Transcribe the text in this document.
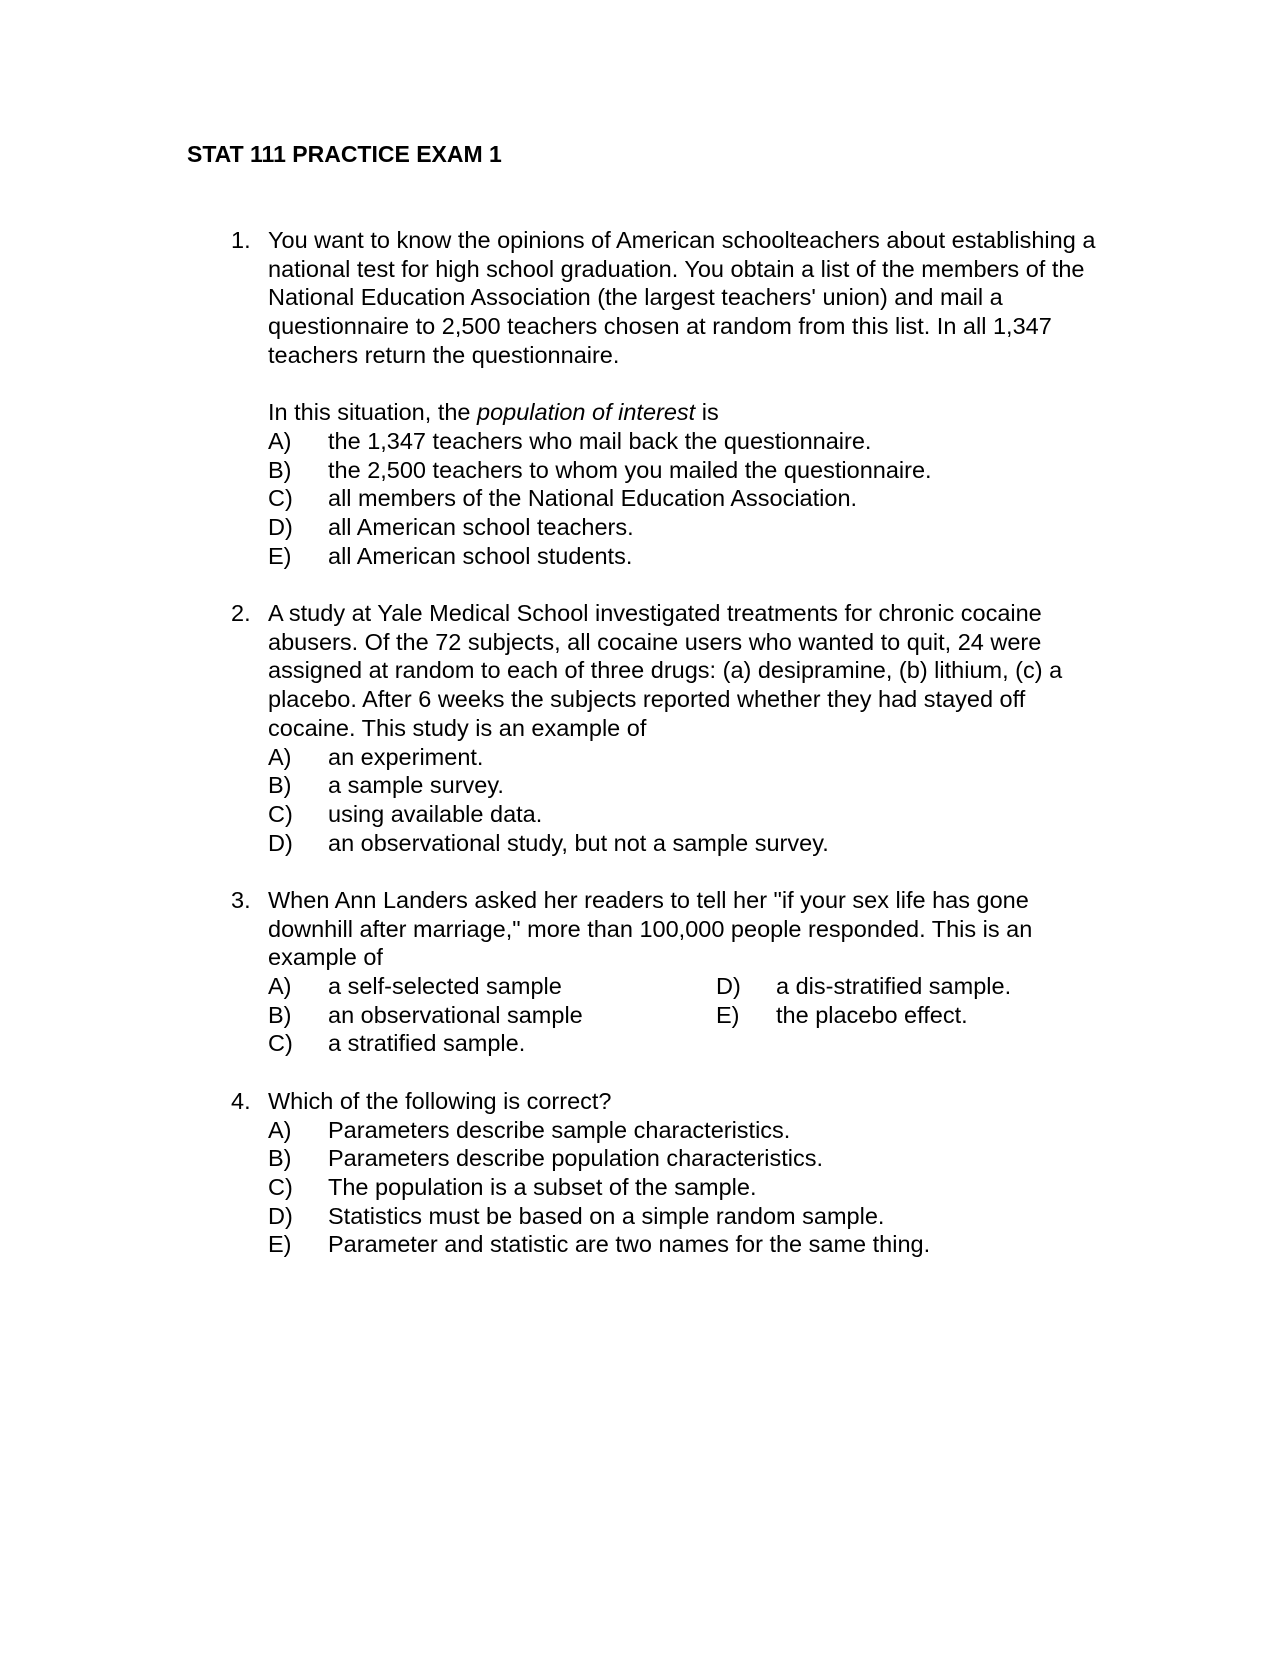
STAT 111 PRACTICE EXAM 1
1. You want to know the opinions of American schoolteachers about establishing a
national test for high school graduation. You obtain a list of the members of the
National Education Association (the largest teachers' union) and mail a
questionnaire to 2,500 teachers chosen at random from this list. In all 1,347
teachers return the questionnaire.
In this situation, the population of interest is
A) the 1,347 teachers who mail back the questionnaire.
B) the 2,500 teachers to whom you mailed the questionnaire.
C) all members of the National Education Association.
D) all American school teachers.
E) all American school students.
2. A study at Yale Medical School investigated treatments for chronic cocaine
abusers. Of the 72 subjects, all cocaine users who wanted to quit, 24 were
assigned at random to each of three drugs: (a) desipramine, (b) lithium, (c) a
placebo. After 6 weeks the subjects reported whether they had stayed off
cocaine. This study is an example of
A) an experiment.
B) a sample survey.
C) using available data.
D) an observational study, but not a sample survey.
3. When Ann Landers asked her readers to tell her "if your sex life has gone
downhill after marriage," more than 100,000 people responded. This is an
example of
A) a self-selected sample
B) an observational sample
C) a stratified sample.
D) a dis-stratified sample.
E) the placebo effect.
4. Which of the following is correct?
A) Parameters describe sample characteristics.
B) Parameters describe population characteristics.
C) The population is a subset of the sample.
D) Statistics must be based on a simple random sample.
E) Parameter and statistic are two names for the same thing.
